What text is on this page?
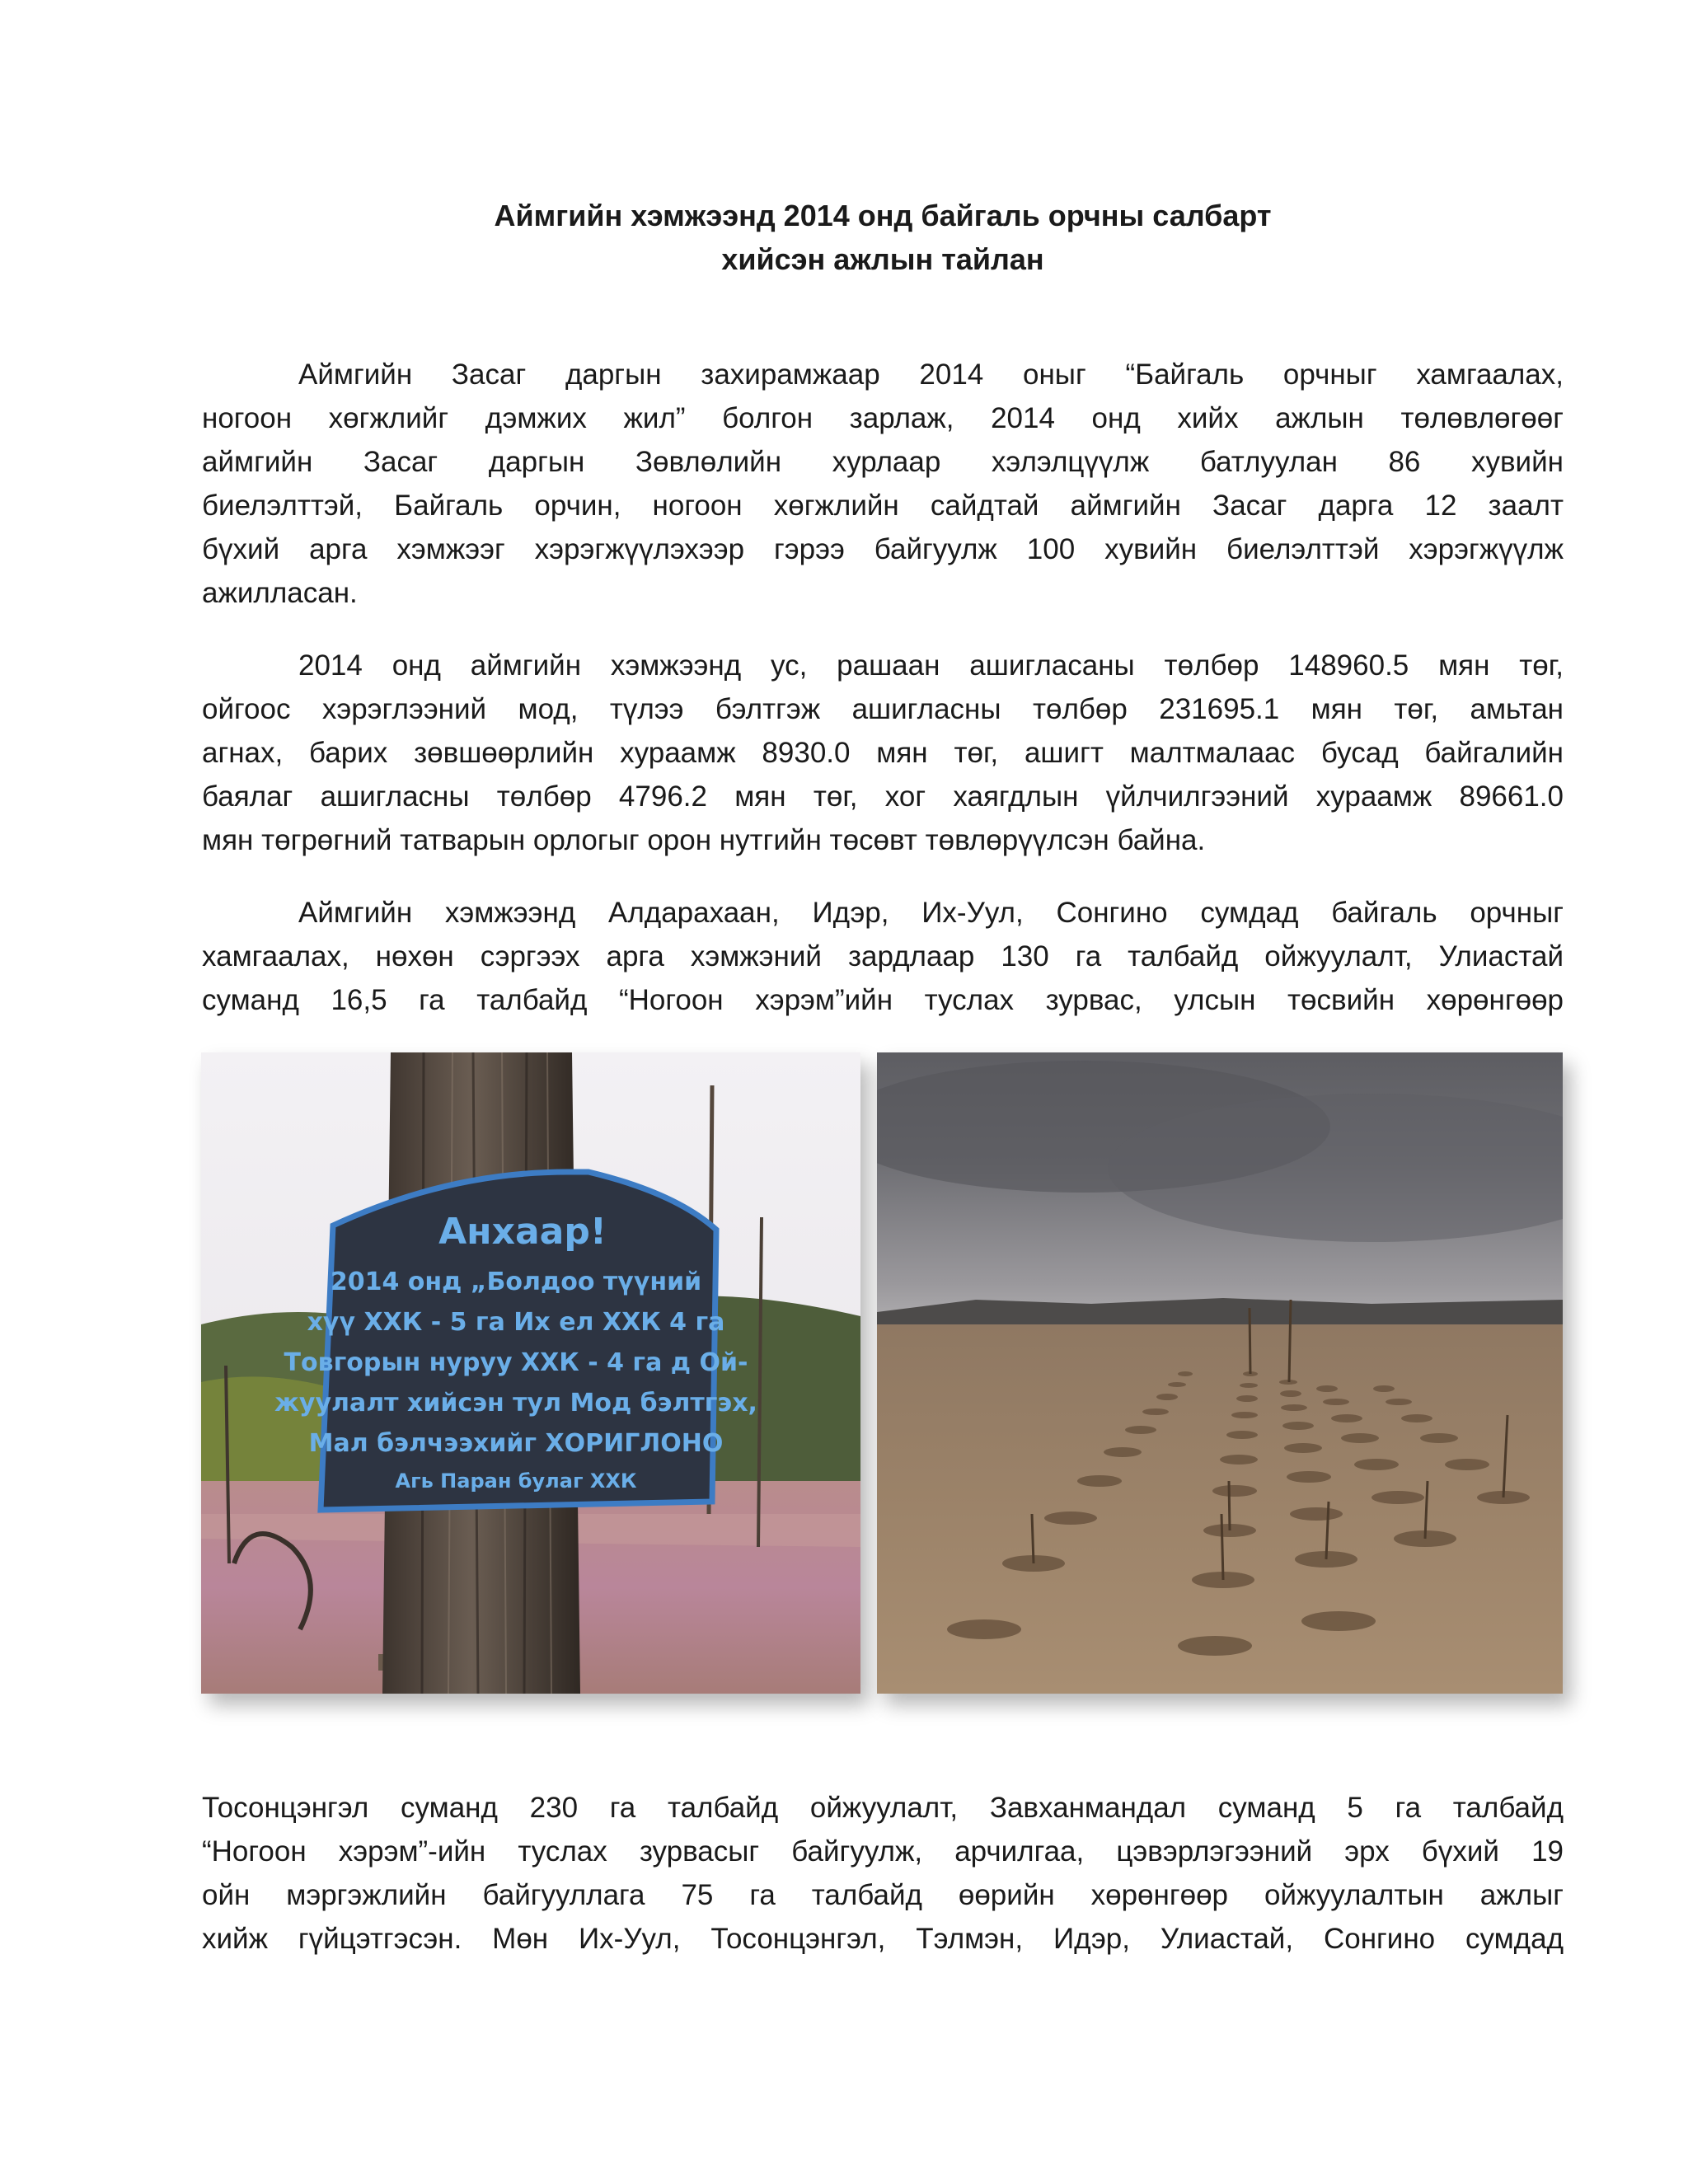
Аймгийн хэмжээнд 2014 онд байгаль орчны салбарт
хийсэн ажлын тайлан
Аймгийн Засаг даргын захирамжаар 2014 оныг “Байгаль орчныг хамгаалах,
ногоон хөгжлийг дэмжих жил” болгон зарлаж, 2014 онд хийх ажлын төлөвлөгөөг
аймгийн Засаг даргын Зөвлөлийн хурлаар хэлэлцүүлж батлуулан 86 хувийн
биелэлттэй, Байгаль орчин, ногоон хөгжлийн сайдтай аймгийн Засаг дарга 12 заалт
бүхий арга хэмжээг хэрэгжүүлэхээр гэрээ байгуулж 100 хувийн биелэлттэй хэрэгжүүлж
ажилласан.
2014 онд аймгийн хэмжээнд ус, рашаан ашигласаны төлбөр 148960.5 мян төг,
ойгоос хэрэглээний мод, түлээ бэлтгэж ашигласны төлбөр 231695.1 мян төг, амьтан
агнах, барих зөвшөөрлийн хураамж 8930.0 мян төг, ашигт малтмалаас бусад байгалийн
баялаг ашигласны төлбөр 4796.2 мян төг, хог хаягдлын үйлчилгээний хураамж 89661.0
мян төгрөгний татварын орлогыг орон нутгийн төсөвт төвлөрүүлсэн байна.
Аймгийн хэмжээнд Алдарахаан, Идэр, Их-Уул, Сонгино сумдад байгаль орчныг
хамгаалах, нөхөн сэргээх арга хэмжэний зардлаар 130 га талбайд ойжуулалт, Улиастай
суманд 16,5 га талбайд “Ногоон хэрэм”ийн туслах зурвас, улсын төсвийн хөрөнгөөр
Анхаар!
2014 онд „Болдоо түүний
хүү ХХК - 5 га Их ел ХХК 4 га
Товгорын нуруу ХХК - 4 га д Ой-
жуулалт хийсэн тул Мод бэлтгэх,
Мал бэлчээхийг ХОРИГЛОНО
Агь Паран булаг ХХК
Тосонцэнгэл суманд 230 га талбайд ойжуулалт, Завханмандал суманд 5 га талбайд
“Ногоон хэрэм”-ийн туслах зурвасыг байгуулж, арчилгаа, цэвэрлэгээний эрх бүхий 19
ойн мэргэжлийн байгууллага 75 га талбайд өөрийн хөрөнгөөр ойжуулалтын ажлыг
хийж гүйцэтгэсэн. Мөн Их-Уул, Тосонцэнгэл, Тэлмэн, Идэр, Улиастай, Сонгино сумдад
